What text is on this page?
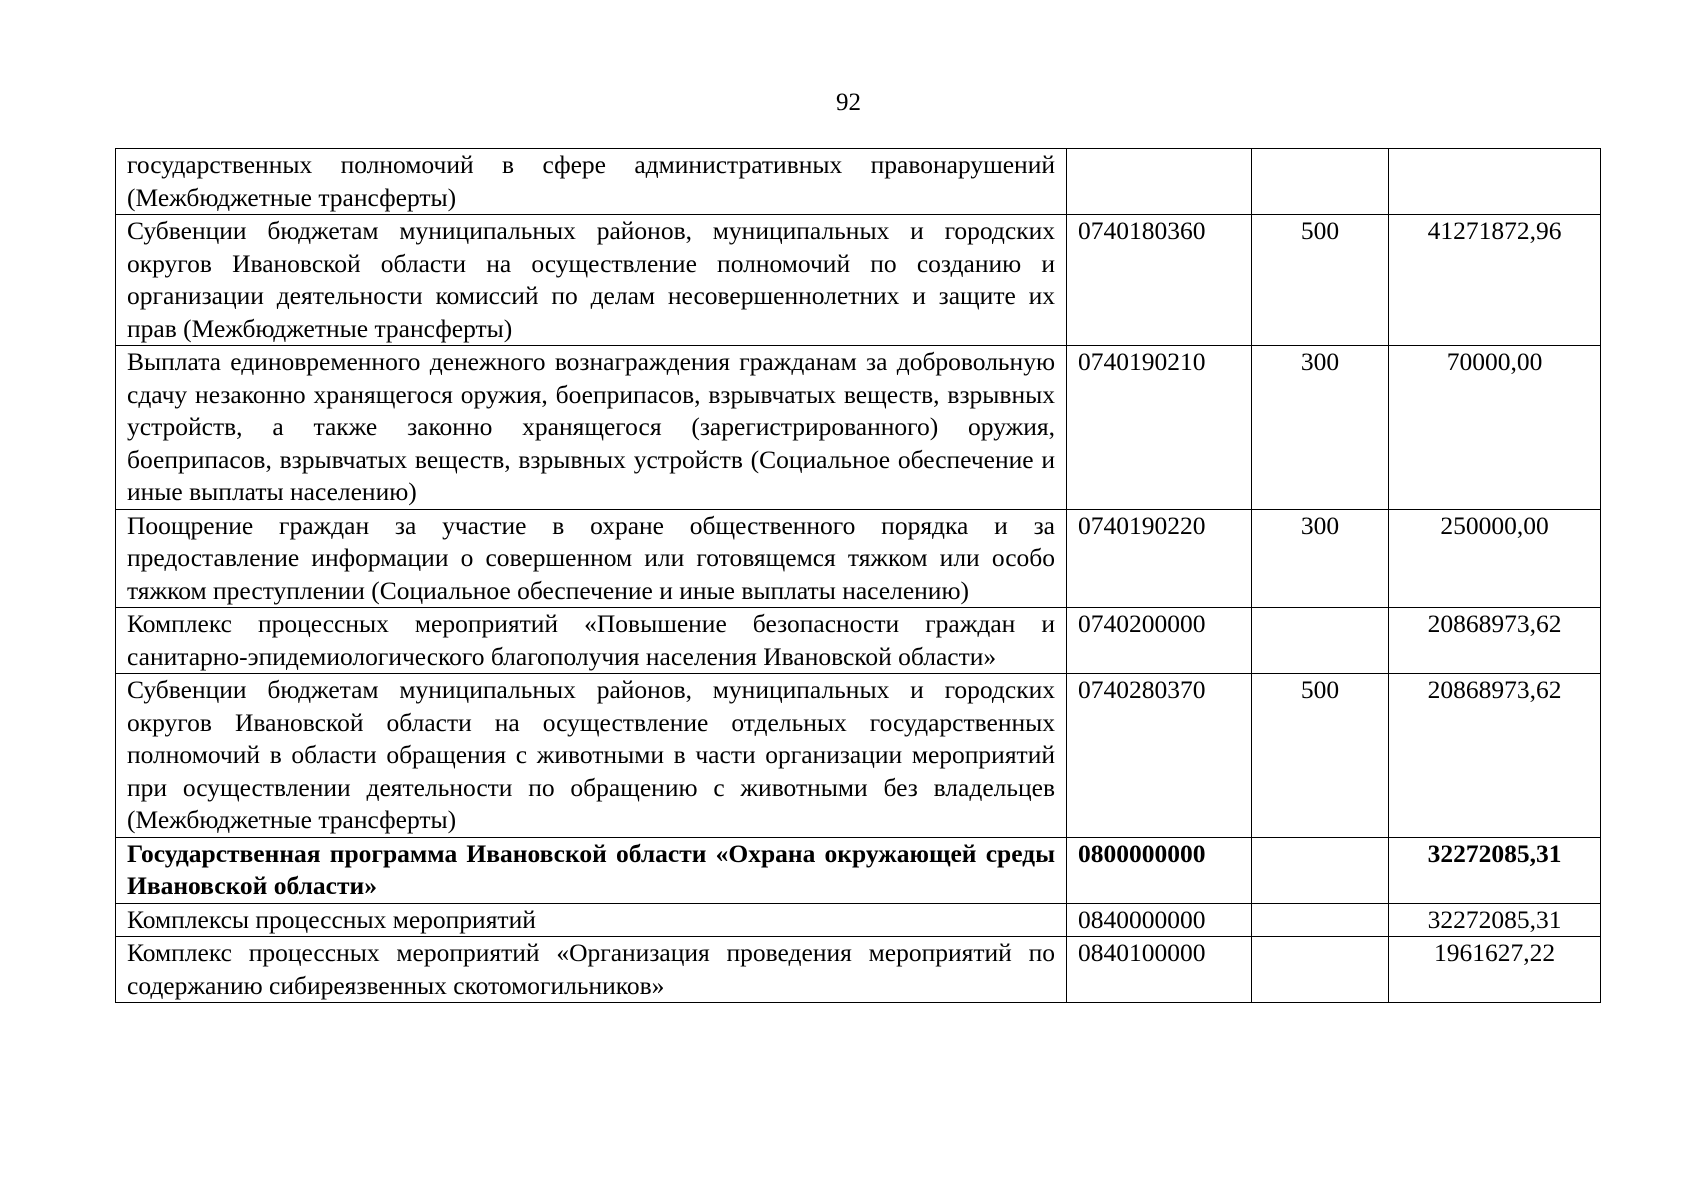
92
государственных полномочий в сфере административных правонарушений (Межбюджетные трансферты)			
Субвенции бюджетам муниципальных районов, муниципальных и городских округов Ивановской области на осуществление полномочий по созданию и организации деятельности комиссий по делам несовершеннолетних и защите их прав (Межбюджетные трансферты)	0740180360	500	41271872,96
Выплата единовременного денежного вознаграждения гражданам за добровольную сдачу незаконно хранящегося оружия, боеприпасов, взрывчатых веществ, взрывных устройств, а также законно хранящегося (зарегистрированного) оружия, боеприпасов, взрывчатых веществ, взрывных устройств (Социальное обеспечение и иные выплаты населению)	0740190210	300	70000,00
Поощрение граждан за участие в охране общественного порядка и за предоставление информации о совершенном или готовящемся тяжком или особо тяжком преступлении (Социальное обеспечение и иные выплаты населению)	0740190220	300	250000,00
Комплекс процессных мероприятий «Повышение безопасности граждан и санитарно-эпидемиологического благополучия населения Ивановской области»	0740200000		20868973,62
Субвенции бюджетам муниципальных районов, муниципальных и городских округов Ивановской области на осуществление отдельных государственных полномочий в области обращения с животными в части организации мероприятий при осуществлении деятельности по обращению с животными без владельцев (Межбюджетные трансферты)	0740280370	500	20868973,62
Государственная программа Ивановской области «Охрана окружающей среды Ивановской области»	0800000000		32272085,31
Комплексы процессных мероприятий	0840000000		32272085,31
Комплекс процессных мероприятий «Организация проведения мероприятий по содержанию сибиреязвенных скотомогильников»	0840100000		1961627,22
